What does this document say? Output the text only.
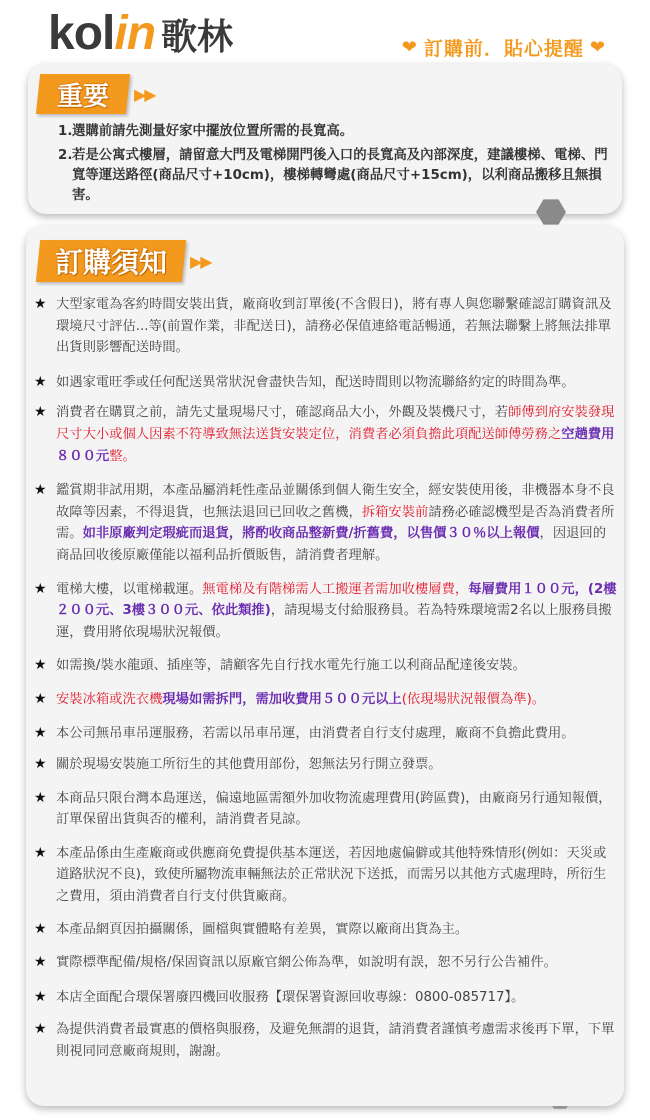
kolin 歌林	❤ 訂購前．貼心提醒 ❤
重要 ▶▶
1. 選購前請先測量好家中擺放位置所需的長寬高。
2. 若是公寓式樓層，請留意大門及電梯開門後入口的長寬高及內部深度，建議樓梯、電梯、門寬等運送路徑(商品尺寸+10cm)，樓梯轉彎處(商品尺寸+15cm)，以利商品搬移且無損害。
訂購須知 ▶▶
★ 大型家電為客約時間安裝出貨，廠商收到訂單後(不含假日)，將有專人與您聯繫確認訂購資訊及環境尺寸評估...等(前置作業，非配送日)，請務必保值連絡電話暢通，若無法聯繫上將無法排單出貨則影響配送時間。
★ 如遇家電旺季或任何配送異常狀況會盡快告知，配送時間則以物流聯絡約定的時間為準。
★ 消費者在購買之前，請先丈量現場尺寸，確認商品大小，外觀及裝機尺寸，若師傅到府安裝發現尺寸大小或個人因素不符導致無法送貨安裝定位，消費者必須負擔此項配送師傅勞務之空趟費用８００元整。
★ 鑑賞期非試用期，本產品屬消耗性產品並關係到個人衛生安全，經安裝使用後，非機器本身不良故障等因素，不得退貨，也無法退回已回收之舊機，拆箱安裝前請務必確認機型是否為消費者所需。如非原廠判定瑕疵而退貨，將酌收商品整新費/折舊費，以售價３０％以上報價，因退回的商品回收後原廠僅能以福利品折價販售，請消費者理解。
★ 電梯大樓，以電梯載運。無電梯及有階梯需人工搬運者需加收樓層費，每層費用１００元，(2樓２００元、3樓３００元、依此類推)，請現場支付給服務員。若為特殊環境需2名以上服務員搬運，費用將依現場狀況報價。
★ 如需換/裝水龍頭、插座等，請顧客先自行找水電先行施工以利商品配達後安裝。
★ 安裝冰箱或洗衣機現場如需拆門，需加收費用５００元以上(依現場狀況報價為準)。
★ 本公司無吊車吊運服務，若需以吊車吊運，由消費者自行支付處理，廠商不負擔此費用。
★ 關於現場安裝施工所衍生的其他費用部份，恕無法另行開立發票。
★ 本商品只限台灣本島運送，偏遠地區需額外加收物流處理費用(跨區費)，由廠商另行通知報價，訂單保留出貨與否的權利，請消費者見諒。
★ 本產品係由生產廠商或供應商免費提供基本運送，若因地處偏僻或其他特殊情形(例如：天災或道路狀況不良)，致使所屬物流車輛無法於正常狀況下送抵，而需另以其他方式處理時，所衍生之費用，須由消費者自行支付供貨廠商。
★ 本產品網頁因拍攝關係，圖檔與實體略有差異，實際以廠商出貨為主。
★ 實際標準配備/規格/保固資訊以原廠官網公佈為準，如說明有誤，恕不另行公告補件。
★ 本店全面配合環保署廢四機回收服務【環保署資源回收專線：0800-085717】。
★ 為提供消費者最實惠的價格與服務，及避免無謂的退貨，請消費者謹慎考慮需求後再下單，下單則視同同意廠商規則，謝謝。
